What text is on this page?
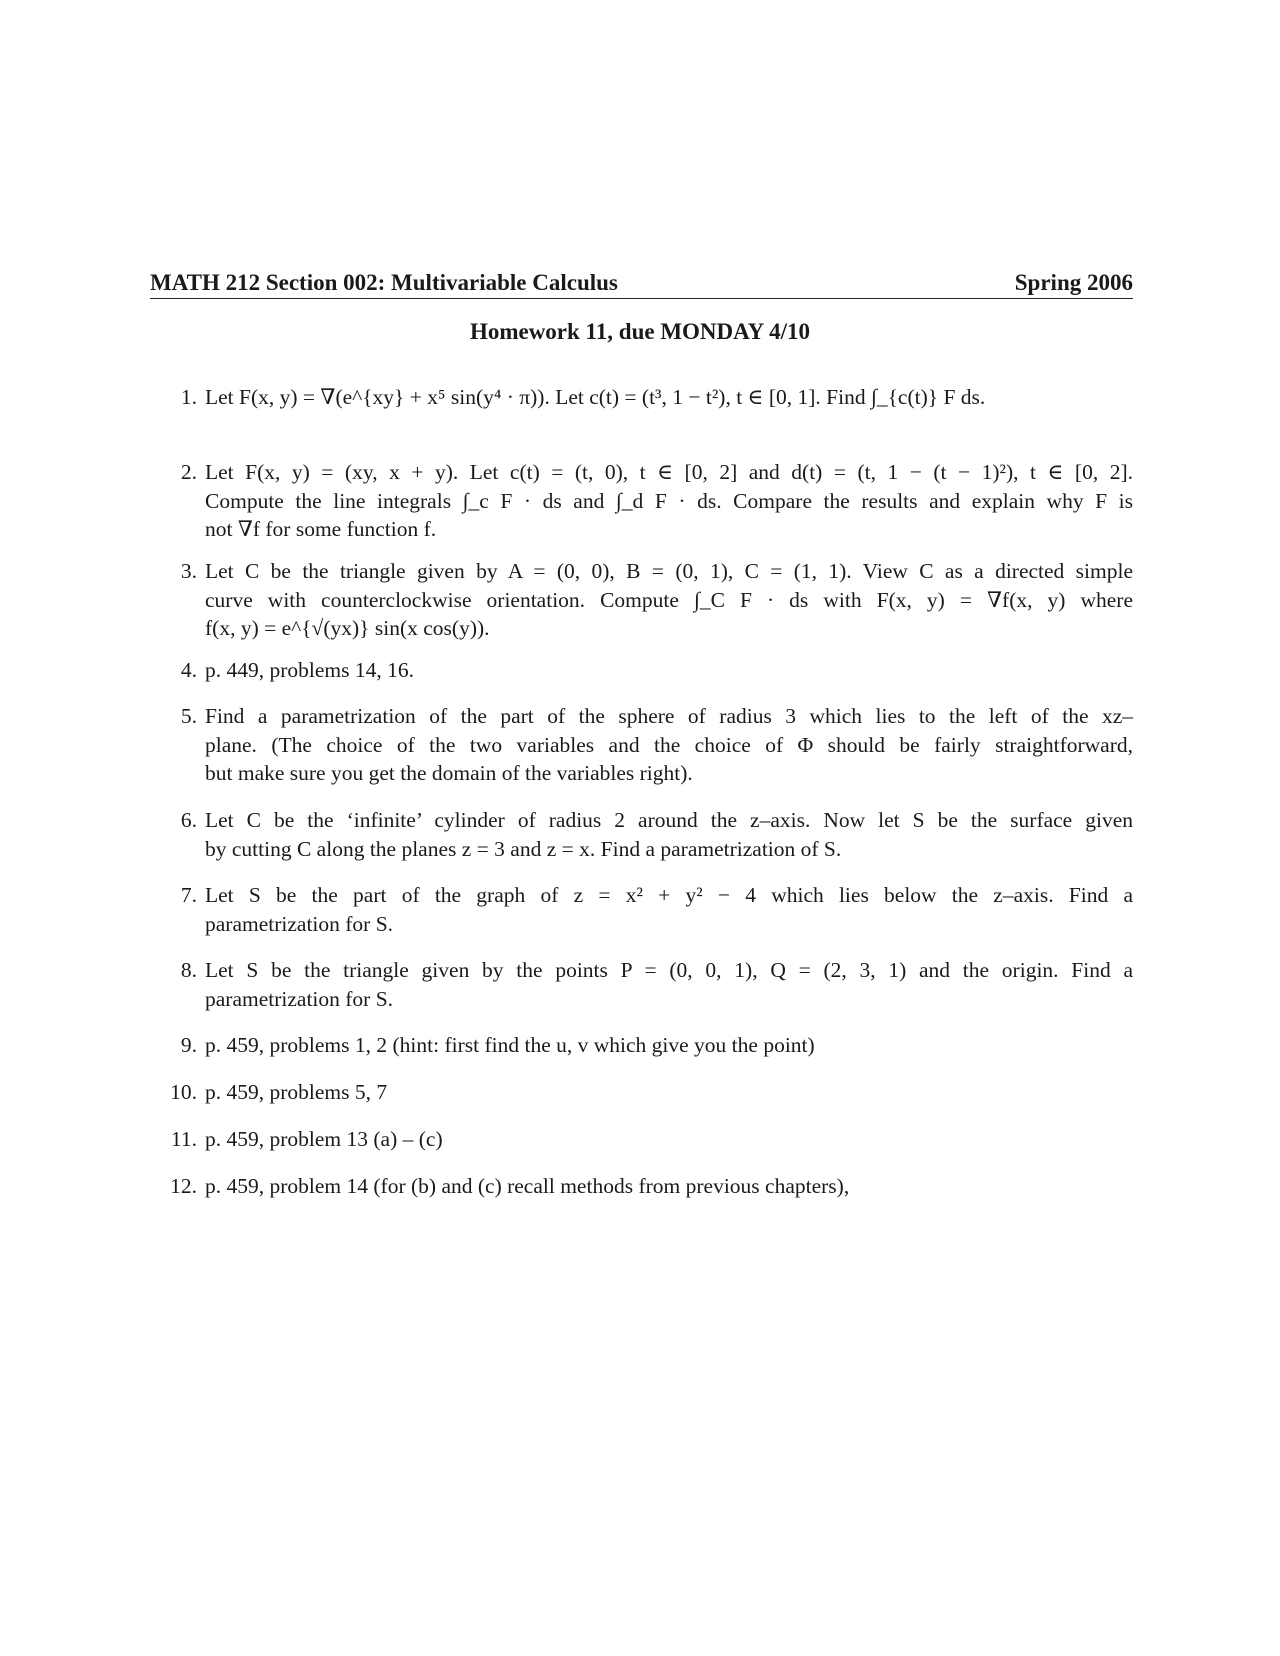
MATH 212 Section 002: Multivariable Calculus	Spring 2006
Homework 11, due MONDAY 4/10
1. Let F(x, y) = ∇(e^{xy} + x⁵ sin(y⁴ · π)). Let c(t) = (t³, 1 − t²), t ∈ [0, 1]. Find ∫_{c(t)} F ds.
2. Let F(x, y) = (xy, x + y). Let c(t) = (t, 0), t ∈ [0, 2] and d(t) = (t, 1 − (t − 1)²), t ∈ [0, 2].
Compute the line integrals ∫_c F · ds and ∫_d F · ds. Compare the results and explain why F is
not ∇f for some function f.
3. Let C be the triangle given by A = (0, 0), B = (0, 1), C = (1, 1). View C as a directed simple
curve with counterclockwise orientation. Compute ∫_C F · ds with F(x, y) = ∇f(x, y) where
f(x, y) = e^{√(yx)} sin(x cos(y)).
4. p. 449, problems 14, 16.
5. Find a parametrization of the part of the sphere of radius 3 which lies to the left of the xz–
plane. (The choice of the two variables and the choice of Φ should be fairly straightforward,
but make sure you get the domain of the variables right).
6. Let C be the ‘infinite’ cylinder of radius 2 around the z–axis. Now let S be the surface given
by cutting C along the planes z = 3 and z = x. Find a parametrization of S.
7. Let S be the part of the graph of z = x² + y² − 4 which lies below the z–axis. Find a
parametrization for S.
8. Let S be the triangle given by the points P = (0, 0, 1), Q = (2, 3, 1) and the origin. Find a
parametrization for S.
9. p. 459, problems 1, 2 (hint: first find the u, v which give you the point)
10. p. 459, problems 5, 7
11. p. 459, problem 13 (a) – (c)
12. p. 459, problem 14 (for (b) and (c) recall methods from previous chapters),
